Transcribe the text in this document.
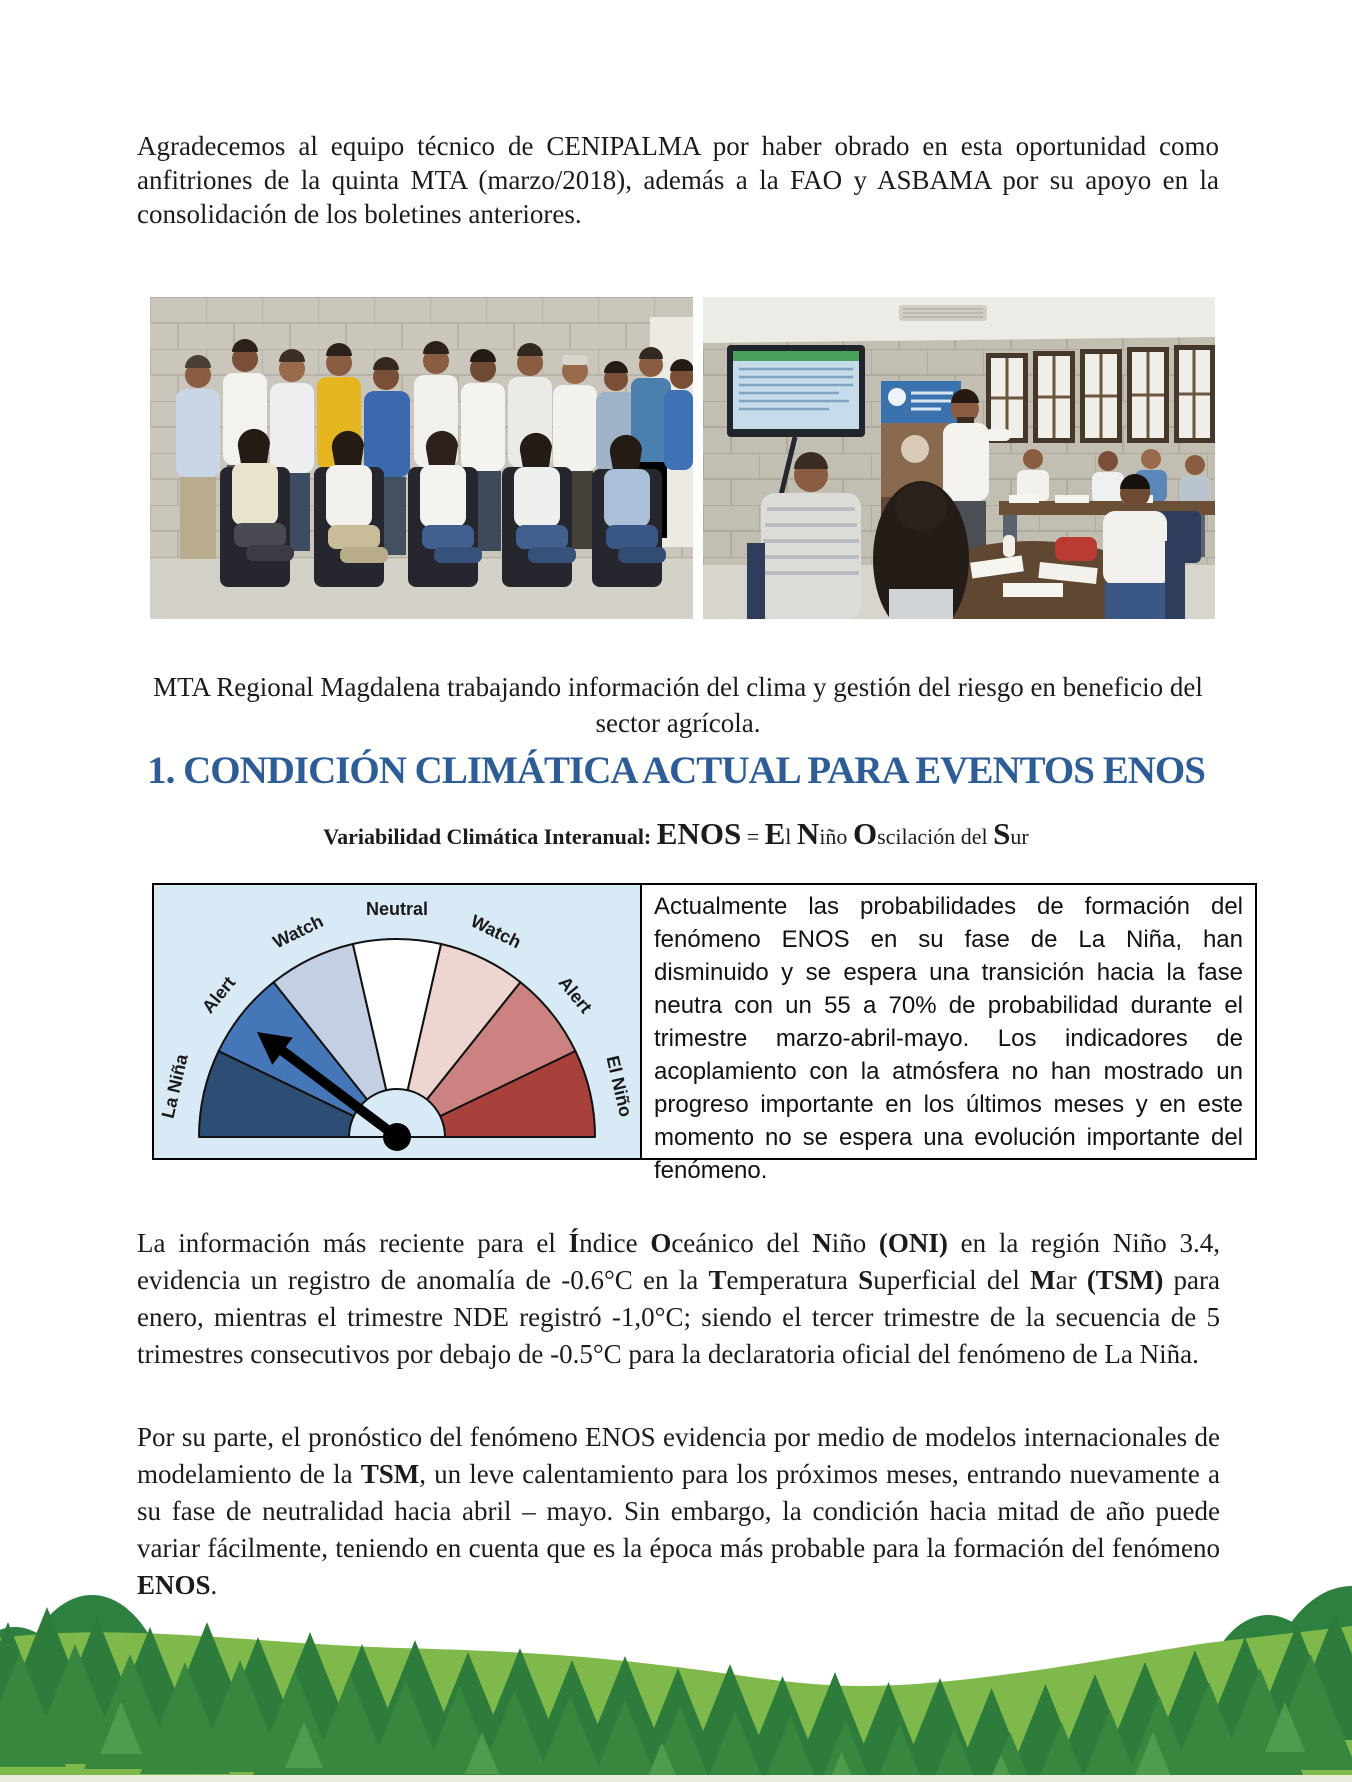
Agradecemos al equipo técnico de CENIPALMA por haber obrado en esta oportunidad como anfitriones de la quinta MTA (marzo/2018), además a la FAO y ASBAMA por su apoyo en la consolidación de los boletines anteriores.

MTA Regional Magdalena trabajando información del clima y gestión del riesgo en beneficio del sector agrícola.

1. CONDICIÓN CLIMÁTICA ACTUAL PARA EVENTOS ENOS
Variabilidad Climática Interanual: ENOS = El Niño Oscilación del Sur
La Niña
Alert
Watch
Neutral
Watch
Alert
El Niño
Actualmente las probabilidades de formación del fenómeno ENOS en su fase de La Niña, han disminuido y se espera una transición hacia la fase neutra con un 55 a 70% de probabilidad durante el trimestre marzo-abril-mayo. Los indicadores de acoplamiento con la atmósfera no han mostrado un progreso importante en los últimos meses y en este momento no se espera una evolución importante del fenómeno.

La información más reciente para el Índice Oceánico del Niño (ONI) en la región Niño 3.4, evidencia un registro de anomalía de -0.6°C en la Temperatura Superficial del Mar (TSM) para enero, mientras el trimestre NDE registró -1,0°C; siendo el tercer trimestre de la secuencia de 5 trimestres consecutivos por debajo de -0.5°C para la declaratoria oficial del fenómeno de La Niña.

Por su parte, el pronóstico del fenómeno ENOS evidencia por medio de modelos internacionales de modelamiento de la TSM, un leve calentamiento para los próximos meses, entrando nuevamente a su fase de neutralidad hacia abril – mayo. Sin embargo, la condición hacia mitad de año puede variar fácilmente, teniendo en cuenta que es la época más probable para la formación del fenómeno ENOS.
